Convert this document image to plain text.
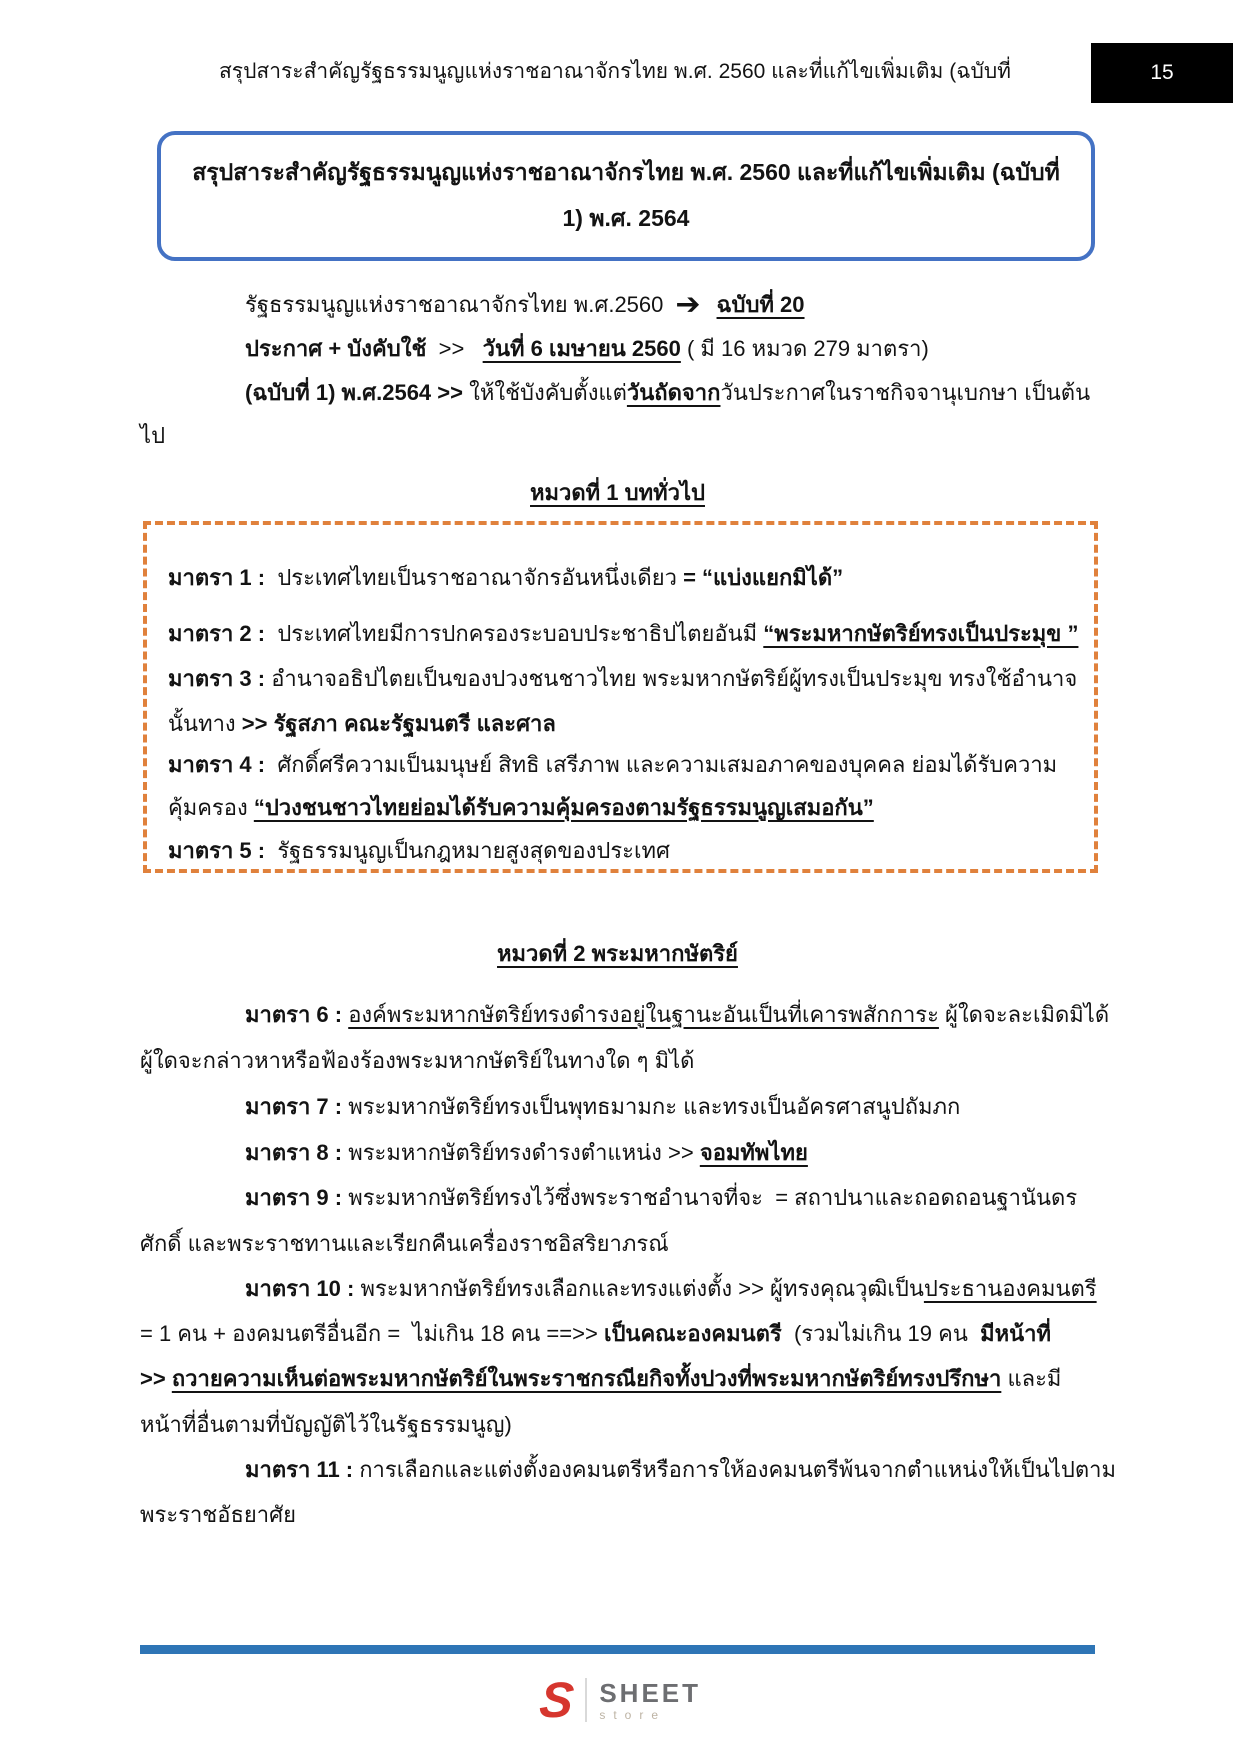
สรุปสาระสำคัญรัฐธรรมนูญแห่งราชอาณาจักรไทย พ.ศ. 2560 และที่แก้ไขเพิ่มเติม (ฉบับที่	15
สรุปสาระสำคัญรัฐธรรมนูญแห่งราชอาณาจักรไทย พ.ศ. 2560 และที่แก้ไขเพิ่มเติม (ฉบับที่ 1) พ.ศ. 2564
รัฐธรรมนูญแห่งราชอาณาจักรไทย พ.ศ.2560 ➔ ฉบับที่ 20
ประกาศ + บังคับใช้  >>   วันที่ 6 เมษายน 2560 ( มี 16 หมวด 279 มาตรา)
(ฉบับที่ 1) พ.ศ.2564 >> ให้ใช้บังคับตั้งแต่วันถัดจากวันประกาศในราชกิจจานุเบกษา เป็นต้น
ไป
หมวดที่ 1 บททั่วไป
มาตรา 1 :  ประเทศไทยเป็นราชอาณาจักรอันหนึ่งเดียว = “แบ่งแยกมิได้”
มาตรา 2 :  ประเทศไทยมีการปกครองระบอบประชาธิปไตยอันมี “พระมหากษัตริย์ทรงเป็นประมุข ”
มาตรา 3 : อำนาจอธิปไตยเป็นของปวงชนชาวไทย พระมหากษัตริย์ผู้ทรงเป็นประมุข ทรงใช้อำนาจ
นั้นทาง >> รัฐสภา คณะรัฐมนตรี และศาล
มาตรา 4 :  ศักดิ์ศรีความเป็นมนุษย์ สิทธิ เสรีภาพ และความเสมอภาคของบุคคล ย่อมได้รับความ
คุ้มครอง “ปวงชนชาวไทยย่อมได้รับความคุ้มครองตามรัฐธรรมนูญเสมอกัน”
มาตรา 5 :  รัฐธรรมนูญเป็นกฎหมายสูงสุดของประเทศ
หมวดที่ 2 พระมหากษัตริย์
มาตรา 6 : องค์พระมหากษัตริย์ทรงดำรงอยู่ในฐานะอันเป็นที่เคารพสักการะ ผู้ใดจะละเมิดมิได้
ผู้ใดจะกล่าวหาหรือฟ้องร้องพระมหากษัตริย์ในทางใด ๆ มิได้
มาตรา 7 : พระมหากษัตริย์ทรงเป็นพุทธมามกะ และทรงเป็นอัครศาสนูปถัมภก
มาตรา 8 : พระมหากษัตริย์ทรงดำรงตำแหน่ง >> จอมทัพไทย
มาตรา 9 : พระมหากษัตริย์ทรงไว้ซึ่งพระราชอำนาจที่จะ  = สถาปนาและถอดถอนฐานันดร
ศักดิ์ และพระราชทานและเรียกคืนเครื่องราชอิสริยาภรณ์
มาตรา 10 : พระมหากษัตริย์ทรงเลือกและทรงแต่งตั้ง >> ผู้ทรงคุณวุฒิเป็นประธานองคมนตรี
= 1 คน + องคมนตรีอื่นอีก =  ไม่เกิน 18 คน ==>> เป็นคณะองคมนตรี  (รวมไม่เกิน 19 คน  มีหน้าที่
>> ถวายความเห็นต่อพระมหากษัตริย์ในพระราชกรณียกิจทั้งปวงที่พระมหากษัตริย์ทรงปรึกษา และมี
หน้าที่อื่นตามที่บัญญัติไว้ในรัฐธรรมนูญ)
มาตรา 11 : การเลือกและแต่งตั้งองคมนตรีหรือการให้องคมนตรีพ้นจากตำแหน่งให้เป็นไปตาม
พระราชอัธยาศัย
S SHEET
store
